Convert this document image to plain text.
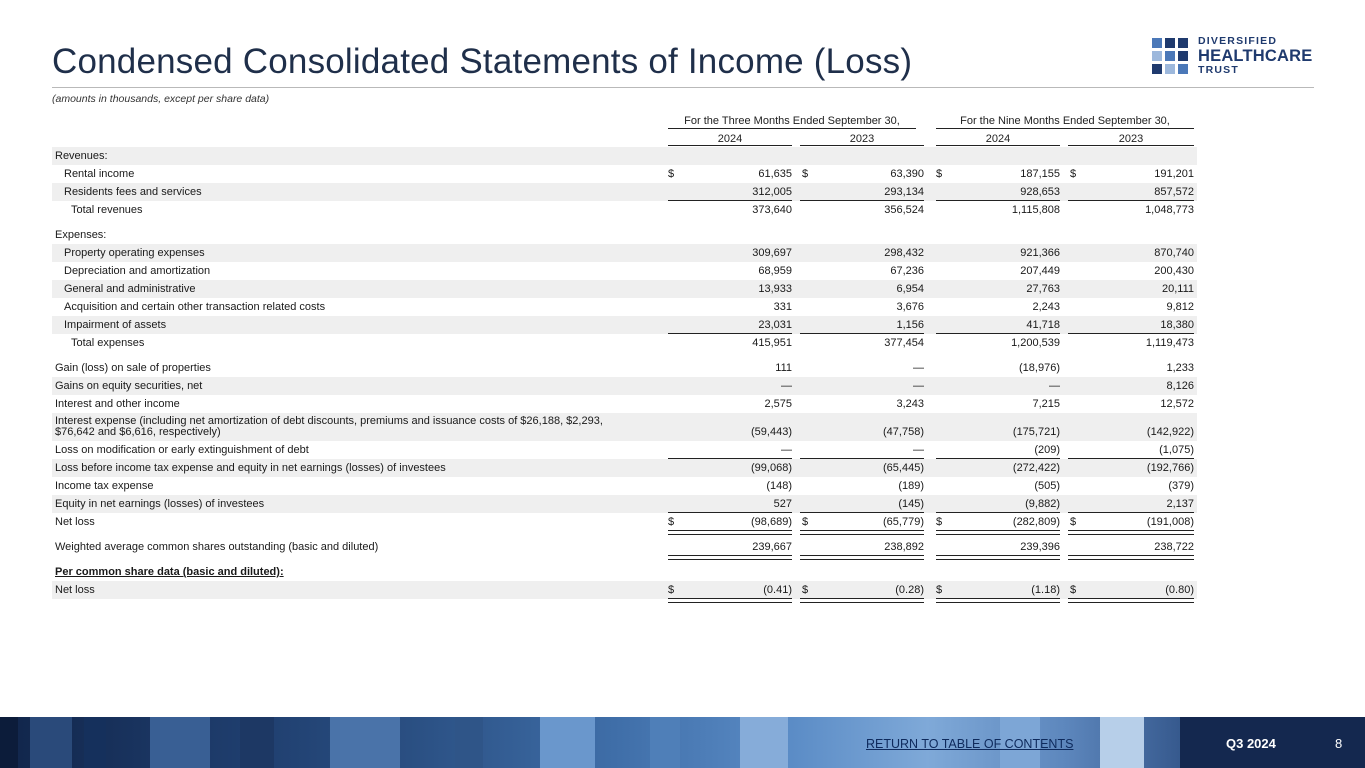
Condensed Consolidated Statements of Income (Loss)
(amounts in thousands, except per share data)
DIVERSIFIED
HEALTHCARE
TRUST
For the Three Months Ended September 30,	For the Nine Months Ended September 30,
2024	2023	2024	2023
Revenues:
Rental income	$	61,635 $	63,390 $	187,155 $	191,201
Residents fees and services	312,005	293,134	928,653	857,572
Total revenues	373,640	356,524	1,115,808	1,048,773
Expenses:
Property operating expenses	309,697	298,432	921,366	870,740
Depreciation and amortization	68,959	67,236	207,449	200,430
General and administrative	13,933	6,954	27,763	20,111
Acquisition and certain other transaction related costs	331	3,676	2,243	9,812
Impairment of assets	23,031	1,156	41,718	18,380
Total expenses	415,951	377,454	1,200,539	1,119,473
Gain (loss) on sale of properties	111	—	(18,976)	1,233
Gains on equity securities, net	—	—	—	8,126
Interest and other income	2,575	3,243	7,215	12,572
Interest expense (including net amortization of debt discounts, premiums and issuance costs of $26,188, $2,293, $76,642 and $6,616, respectively)	(59,443)	(47,758)	(175,721)	(142,922)
Loss on modification or early extinguishment of debt	—	—	(209)	(1,075)
Loss before income tax expense and equity in net earnings (losses) of investees	(99,068)	(65,445)	(272,422)	(192,766)
Income tax expense	(148)	(189)	(505)	(379)
Equity in net earnings (losses) of investees	527	(145)	(9,882)	2,137
Net loss	$	(98,689) $	(65,779) $	(282,809) $	(191,008)
Weighted average common shares outstanding (basic and diluted)	239,667	238,892	239,396	238,722
Per common share data (basic and diluted):
Net loss	$	(0.41) $	(0.28) $	(1.18) $	(0.80)
RETURN TO TABLE OF CONTENTS	Q3 2024	8
